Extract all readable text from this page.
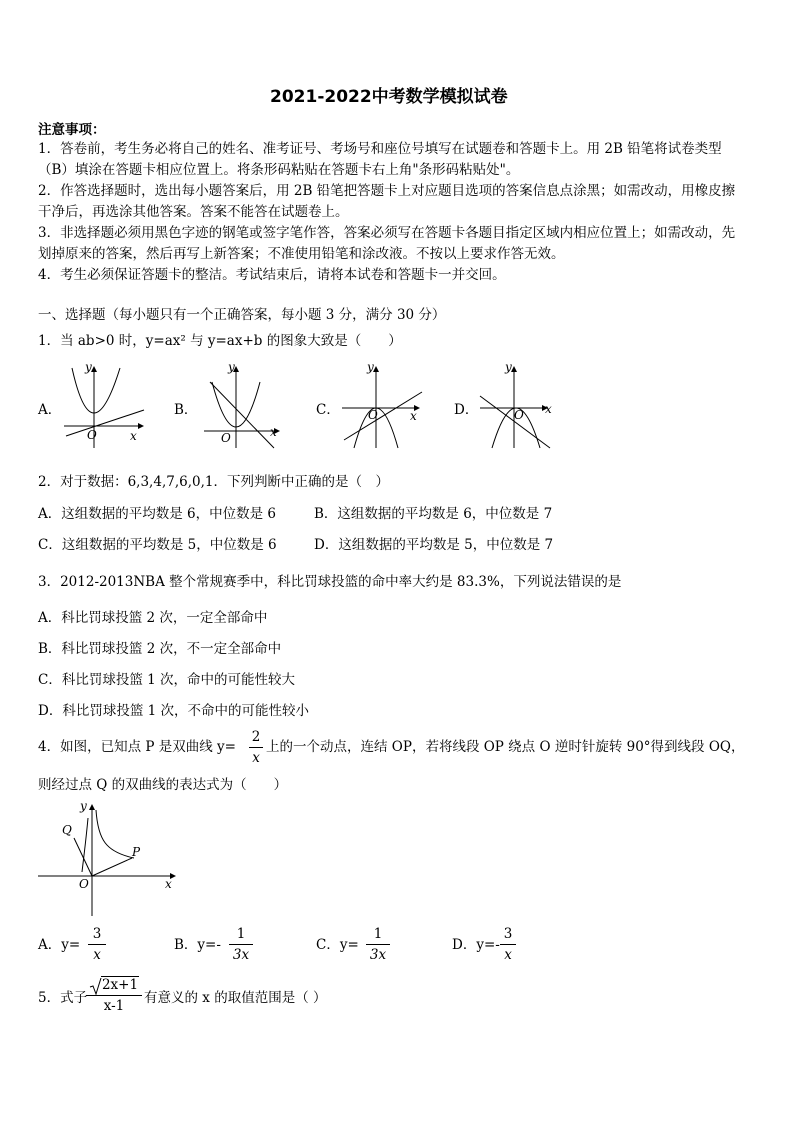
2021-2022中考数学模拟试卷
注意事项：
1．答卷前，考生务必将自己的姓名、准考证号、考场号和座位号填写在试题卷和答题卡上。用 2B 铅笔将试卷类型
（B）填涂在答题卡相应位置上。将条形码粘贴在答题卡右上角"条形码粘贴处"。
2．作答选择题时，选出每小题答案后，用 2B 铅笔把答题卡上对应题目选项的答案信息点涂黑；如需改动，用橡皮擦
干净后，再选涂其他答案。答案不能答在试题卷上。
3．非选择题必须用黑色字迹的钢笔或签字笔作答，答案必须写在答题卡各题目指定区域内相应位置上；如需改动，先
划掉原来的答案，然后再写上新答案；不准使用铅笔和涂改液。不按以上要求作答无效。
4．考生必须保证答题卡的整洁。考试结束后，请将本试卷和答题卡一并交回。
一、选择题（每小题只有一个正确答案，每小题 3 分，满分 30 分）
1．当 ab>0 时，y=ax² 与 y=ax+b 的图象大致是（　　）
A．
O	x
y
B．
O	x
y
C． O	x
y
D．	O x
y
2．对于数据：6,3,4,7,6,0,1．下列判断中正确的是（　）
A．这组数据的平均数是 6，中位数是 6	B．这组数据的平均数是 6，中位数是 7
C．这组数据的平均数是 5，中位数是 6	D．这组数据的平均数是 5，中位数是 7
3．2012-2013NBA 整个常规赛季中，科比罚球投篮的命中率大约是 83.3%，下列说法错误的是
A．科比罚球投篮 2 次，一定全部命中
B．科比罚球投篮 2 次，不一定全部命中
C．科比罚球投篮 1 次，命中的可能性较大
D．科比罚球投篮 1 次，不命中的可能性较小
4．如图，已知点 P 是双曲线 $y= \frac{2}{x}$ 上的一个动点，连结 OP，若将线段 OP 绕点 O 逆时针旋转 90°得到线段 OQ，
则经过点 Q 的双曲线的表达式为（　　）
y
x
O
P
Q
A．$y= \frac{3}{x}$	B．$y=- \frac{1}{3x}$	C．$y= \frac{1}{3x}$	D．$y=- \frac{3}{x}$
5．式子
$\frac{2x+1}{x-1}$ 有意义的 x 的取值范围是（ ）
